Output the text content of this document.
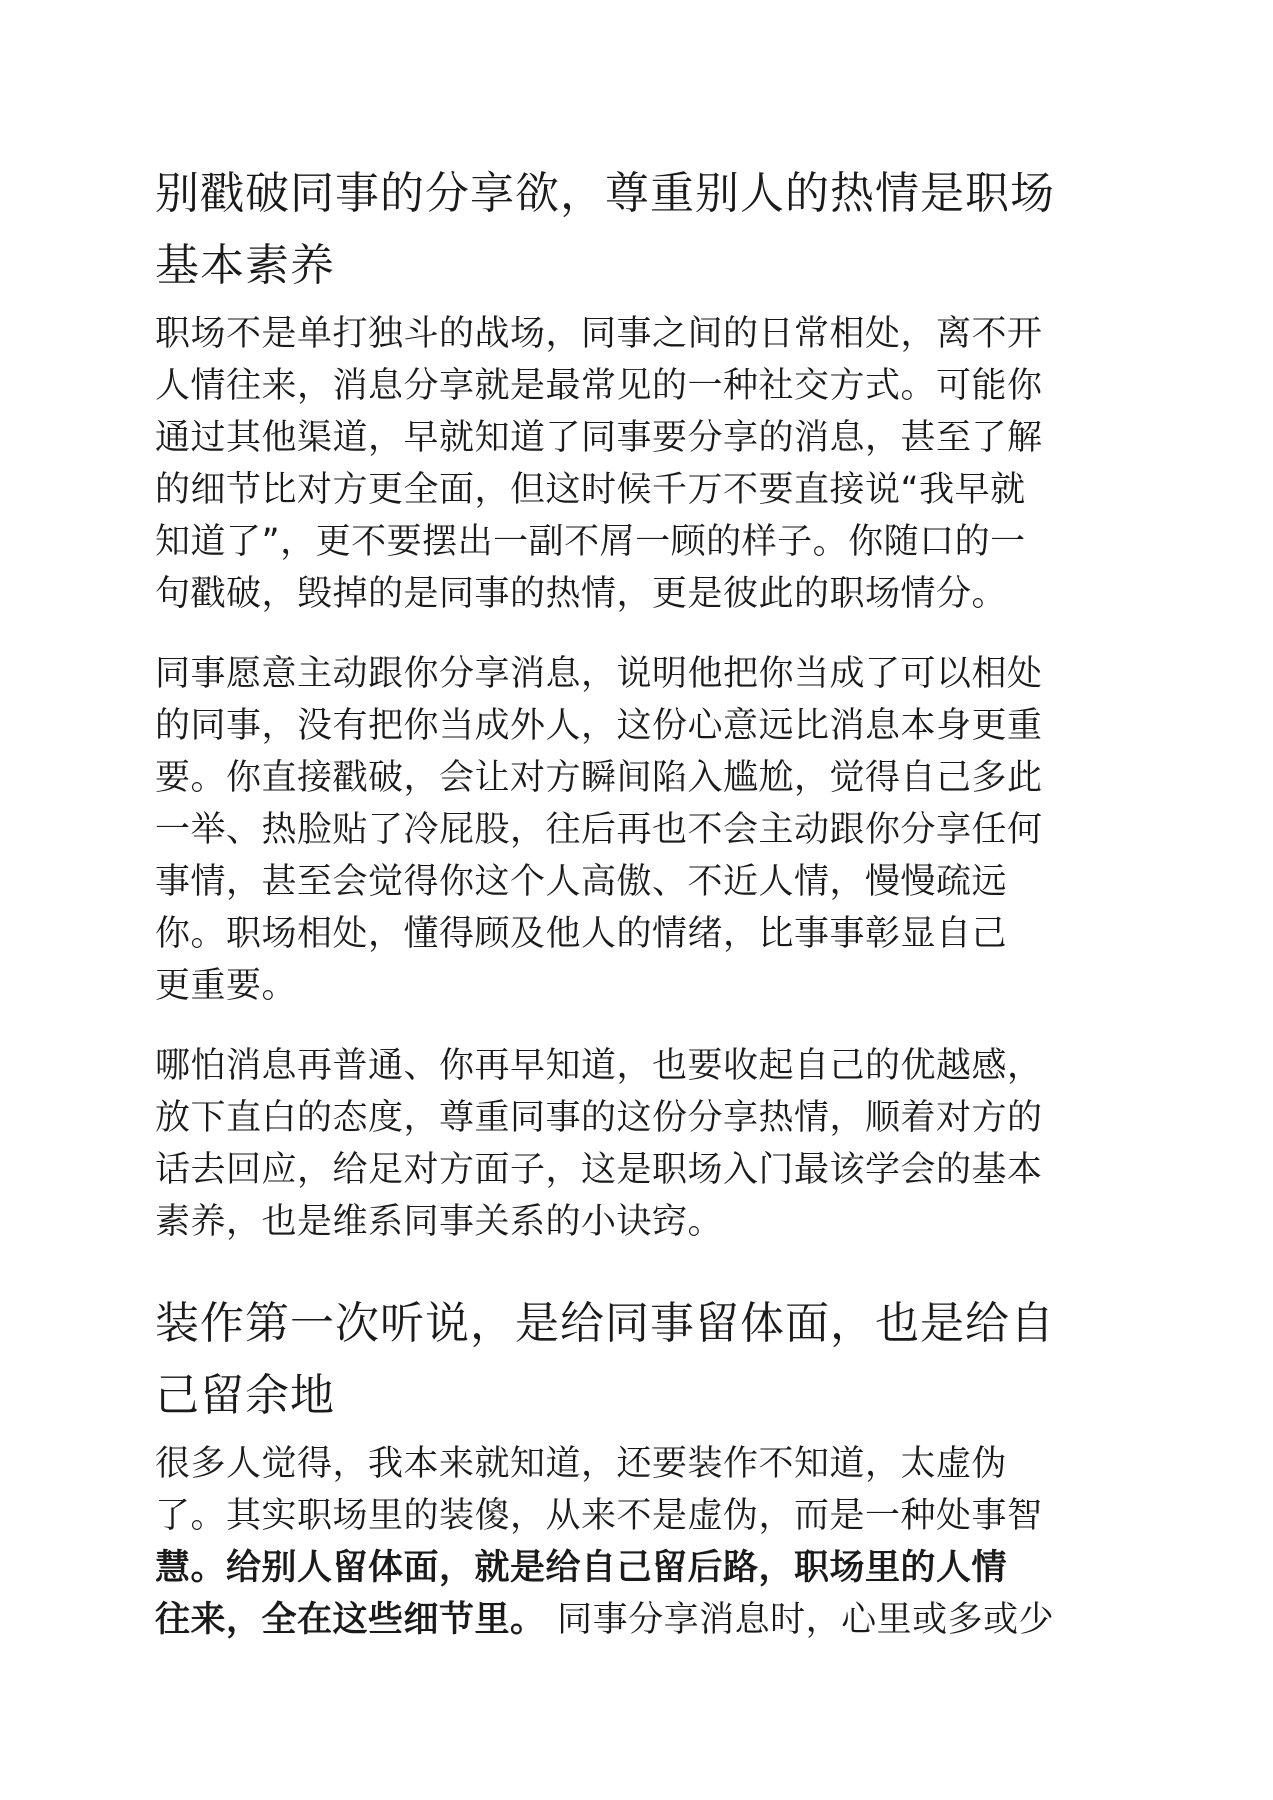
别戳破同事的分享欲，尊重别人的热情是职场
基本素养
职场不是单打独斗的战场，同事之间的日常相处，离不开
人情往来，消息分享就是最常见的一种社交方式。可能你
通过其他渠道，早就知道了同事要分享的消息，甚至了解
的细节比对方更全面，但这时候千万不要直接说“我早就
知道了”，更不要摆出一副不屑一顾的样子。你随口的一
句戳破，毁掉的是同事的热情，更是彼此的职场情分。
同事愿意主动跟你分享消息，说明他把你当成了可以相处
的同事，没有把你当成外人，这份心意远比消息本身更重
要。你直接戳破，会让对方瞬间陷入尴尬，觉得自己多此
一举、热脸贴了冷屁股，往后再也不会主动跟你分享任何
事情，甚至会觉得你这个人高傲、不近人情，慢慢疏远
你。职场相处，懂得顾及他人的情绪，比事事彰显自己
更重要。
哪怕消息再普通、你再早知道，也要收起自己的优越感，
放下直白的态度，尊重同事的这份分享热情，顺着对方的
话去回应，给足对方面子，这是职场入门最该学会的基本
素养，也是维系同事关系的小诀窍。
装作第一次听说，是给同事留体面，也是给自
己留余地
很多人觉得，我本来就知道，还要装作不知道，太虚伪
了。其实职场里的装傻，从来不是虚伪，而是一种处事智
慧。给别人留体面，就是给自己留后路，职场里的人情
往来，全在这些细节里。 同事分享消息时，心里或多或少
